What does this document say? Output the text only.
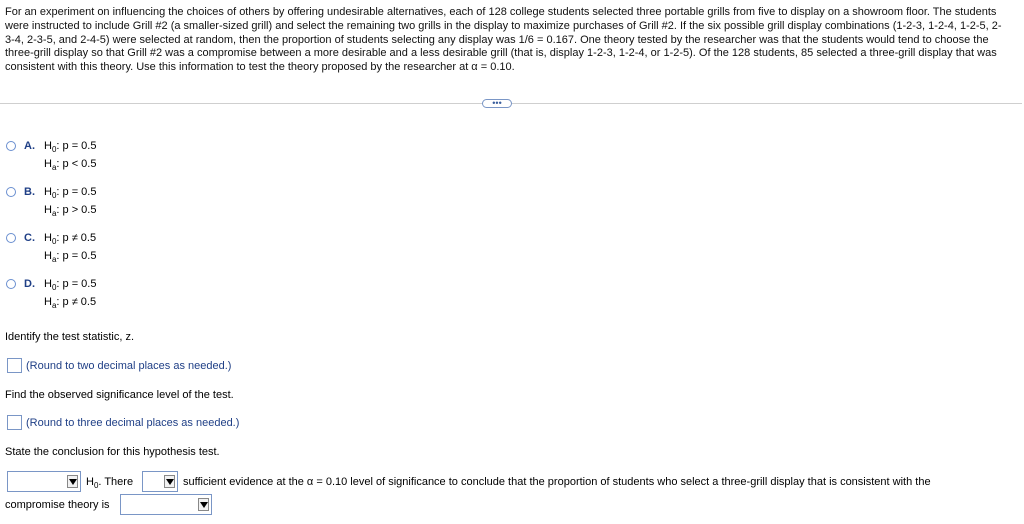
For an experiment on influencing the choices of others by offering undesirable alternatives, each of 128 college students selected three portable grills from five to display on a showroom floor. The students were instructed to include Grill #2 (a smaller-sized grill) and select the remaining two grills in the display to maximize purchases of Grill #2. If the six possible grill display combinations (1-2-3, 1-2-4, 1-2-5, 2-3-4, 2-3-5, and 2-4-5) were selected at random, then the proportion of students selecting any display was 1/6 = 0.167. One theory tested by the researcher was that the students would tend to choose the three-grill display so that Grill #2 was a compromise between a more desirable and a less desirable grill (that is, display 1-2-3, 1-2-4, or 1-2-5). Of the 128 students, 85 selected a three-grill display that was consistent with this theory. Use this information to test the theory proposed by the researcher at α = 0.10.
•••
A. $H_0$: p = 0.5
$H_a$: p < 0.5
B. $H_0$: p = 0.5
$H_a$: p > 0.5
C. $H_0$: p ≠ 0.5
$H_a$: p = 0.5
D. $H_0$: p = 0.5
$H_a$: p ≠ 0.5
Identify the test statistic, z.
(Round to two decimal places as needed.)
Find the observed significance level of the test.
(Round to three decimal places as needed.)
State the conclusion for this hypothesis test.
$H_0$. There	sufficient evidence at the α = 0.10 level of significance to conclude that the proportion of students who select a three-grill display that is consistent with the
compromise theory is
